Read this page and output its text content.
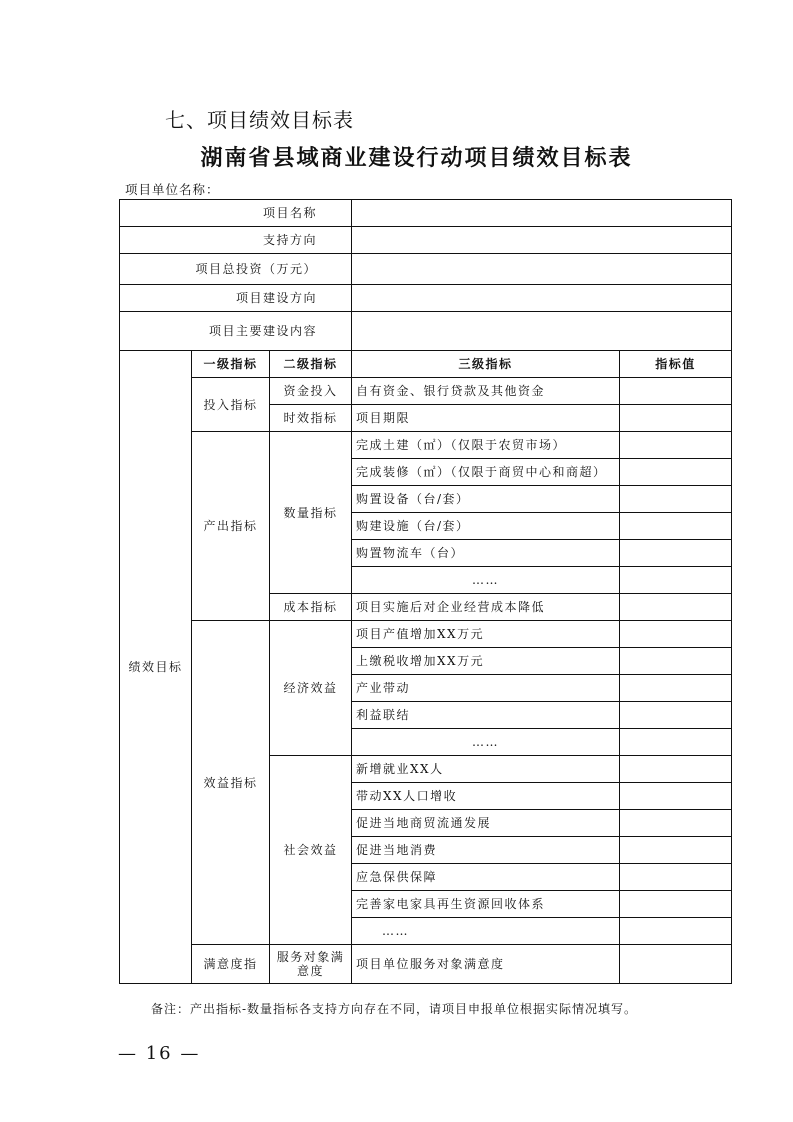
七、项目绩效目标表
湖南省县域商业建设行动项目绩效目标表
项目单位名称：
项目名称				
支持方向				
项目总投资（万元）				
项目建设方向				
项目主要建设内容				
绩效目标	一级指标	二级指标	三级指标	指标值
	投入指标	资金投入	自有资金、银行贷款及其他资金	
		时效指标	项目期限	
	产出指标	数量指标	完成土建（㎡）（仅限于农贸市场）	
			完成装修（㎡）（仅限于商贸中心和商超）	
			购置设备（台/套）	
			购建设施（台/套）	
			购置物流车（台）	
			……	
		成本指标	项目实施后对企业经营成本降低	
	效益指标	经济效益	项目产值增加XX万元	
			上缴税收增加XX万元	
			产业带动	
			利益联结	
			……	
		社会效益	新增就业XX人	
			带动XX人口增收	
			促进当地商贸流通发展	
			促进当地消费	
			应急保供保障	
			完善家电家具再生资源回收体系	
			……	
	满意度指	服务对象满意度	项目单位服务对象满意度	
备注：产出指标-数量指标各支持方向存在不同，请项目申报单位根据实际情况填写。
— 16 —
